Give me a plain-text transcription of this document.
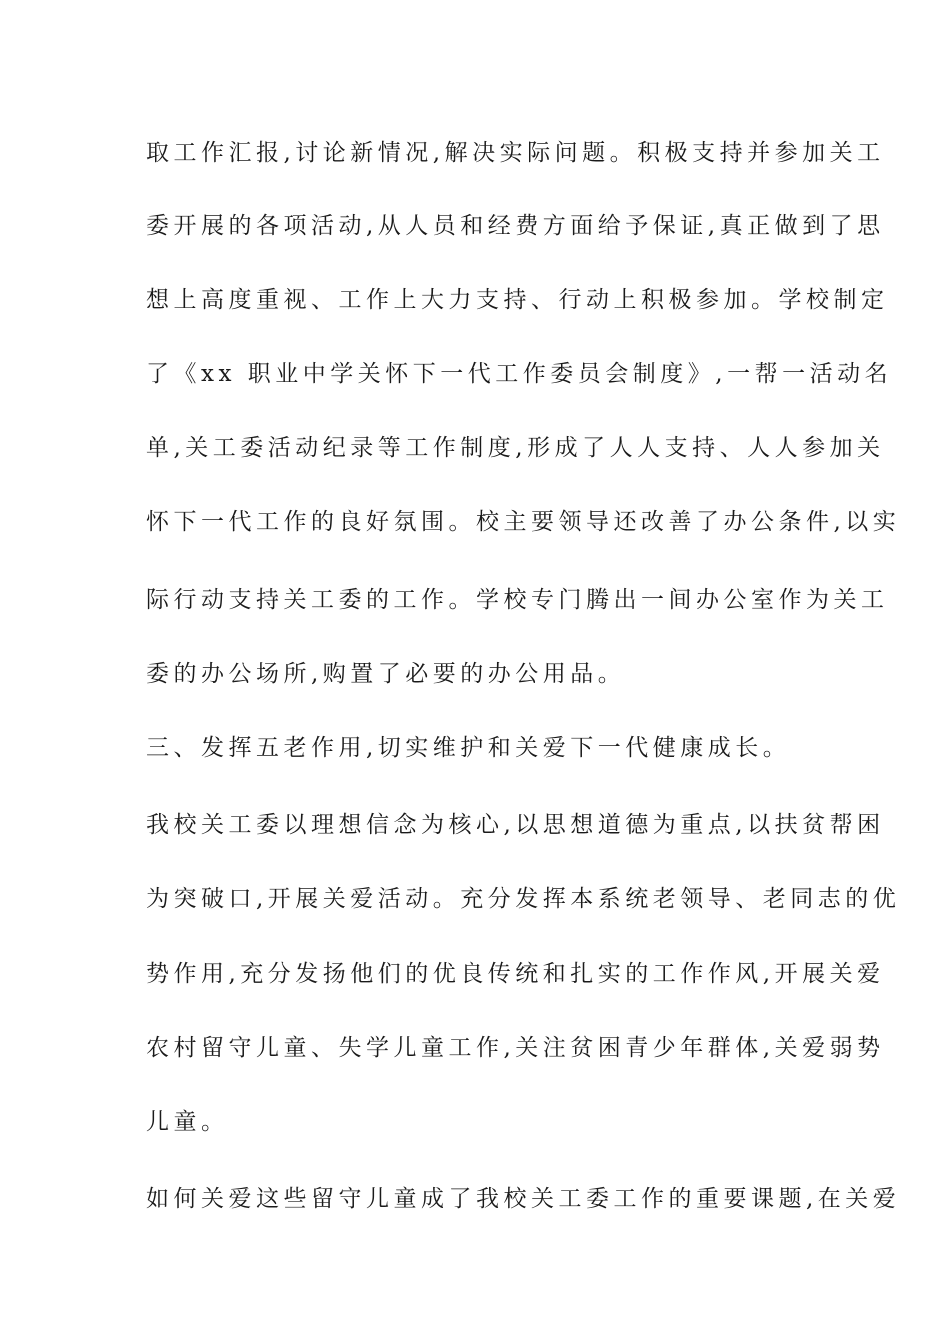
取工作汇报,讨论新情况,解决实际问题。积极支持并参加关工
委开展的各项活动,从人员和经费方面给予保证,真正做到了思
想上高度重视、工作上大力支持、行动上积极参加。学校制定
了《xx 职业中学关怀下一代工作委员会制度》,一帮一活动名
单,关工委活动纪录等工作制度,形成了人人支持、人人参加关
怀下一代工作的良好氛围。校主要领导还改善了办公条件,以实
际行动支持关工委的工作。学校专门腾出一间办公室作为关工
委的办公场所,购置了必要的办公用品。
三、发挥五老作用,切实维护和关爱下一代健康成长。
我校关工委以理想信念为核心,以思想道德为重点,以扶贫帮困
为突破口,开展关爱活动。充分发挥本系统老领导、老同志的优
势作用,充分发扬他们的优良传统和扎实的工作作风,开展关爱
农村留守儿童、失学儿童工作,关注贫困青少年群体,关爱弱势
儿童。
如何关爱这些留守儿童成了我校关工委工作的重要课题,在关爱
